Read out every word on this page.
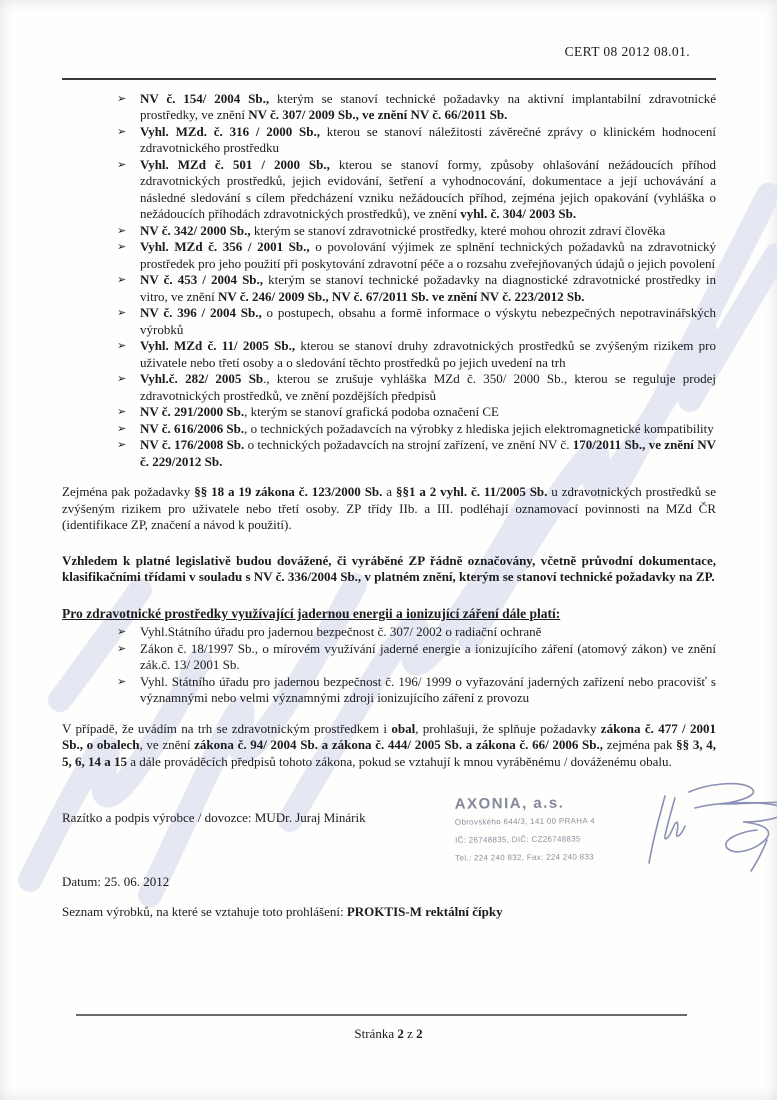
CERT 08 2012 08.01.
➢ NV č. 154/ 2004 Sb., kterým se stanoví technické požadavky na aktivní implantabilní zdravotnické prostředky, ve znění NV č. 307/ 2009 Sb., ve znění NV č. 66/2011 Sb.
➢ Vyhl. MZd. č. 316 / 2000 Sb., kterou se stanoví náležitosti závěrečné zprávy o klinickém hodnocení zdravotnického prostředku
➢ Vyhl. MZd č. 501 / 2000 Sb., kterou se stanoví formy, způsoby ohlašování nežádoucích příhod zdravotnických prostředků, jejich evidování, šetření a vyhodnocování, dokumentace a její uchovávání a následné sledování s cílem předcházení vzniku nežádoucích příhod, zejména jejich opakování (vyhláška o nežádoucích příhodách zdravotnických prostředků), ve znění vyhl. č. 304/ 2003 Sb.
➢ NV č. 342/ 2000 Sb., kterým se stanoví zdravotnické prostředky, které mohou ohrozit zdraví člověka
➢ Vyhl. MZd č. 356 / 2001 Sb., o povolování výjimek ze splnění technických požadavků na zdravotnický prostředek pro jeho použití při poskytování zdravotní péče a o rozsahu zveřejňovaných údajů o jejich povolení
➢ NV č. 453 / 2004 Sb., kterým se stanoví technické požadavky na diagnostické zdravotnické prostředky in vitro, ve znění NV č. 246/ 2009 Sb., NV č. 67/2011 Sb. ve znění NV č. 223/2012 Sb.
➢ NV č. 396 / 2004 Sb., o postupech, obsahu a formě informace o výskytu nebezpečných nepotravinářských výrobků
➢ Vyhl. MZd č. 11/ 2005 Sb., kterou se stanoví druhy zdravotnických prostředků se zvýšeným rizikem pro uživatele nebo třetí osoby a o sledování těchto prostředků po jejich uvedení na trh
➢ Vyhl.č. 282/ 2005 Sb., kterou se zrušuje vyhláška MZd č. 350/ 2000 Sb., kterou se reguluje prodej zdravotnických prostředků, ve znění pozdějších předpisů
➢ NV č. 291/2000 Sb., kterým se stanoví grafická podoba označení CE
➢ NV č. 616/2006 Sb., o technických požadavcích na výrobky z hlediska jejich elektromagnetické kompatibility
➢ NV č. 176/2008 Sb. o technických požadavcích na strojní zařízení, ve znění NV č. 170/2011 Sb., ve znění NV č. 229/2012 Sb.

Zejména pak požadavky §§ 18 a 19 zákona č. 123/2000 Sb. a §§1 a 2 vyhl. č. 11/2005 Sb. u zdravotnických prostředků se zvýšeným rizikem pro uživatele nebo třetí osoby. ZP třídy IIb. a III. podléhají oznamovací povinnosti na MZd ČR (identifikace ZP, značení a návod k použití).

Vzhledem k platné legislativě budou dovážené, či vyráběné ZP řádně označovány, včetně průvodní dokumentace, klasifikačními třídami v souladu s NV č. 336/2004 Sb., v platném znění, kterým se stanoví technické požadavky na ZP.

Pro zdravotnické prostředky využívající jadernou energii a ionizující záření dále platí:
➢ Vyhl.Státního úřadu pro jadernou bezpečnost č. 307/ 2002 o radiační ochraně
➢ Zákon č. 18/1997 Sb., o mírovém využívání jaderné energie a ionizujícího záření (atomový zákon) ve znění zák.č. 13/ 2001 Sb.
➢ Vyhl. Státního úřadu pro jadernou bezpečnost č. 196/ 1999 o vyřazování jaderných zařízení nebo pracovišť s významnými nebo velmi významnými zdroji ionizujícího záření z provozu

V případě, že uvádím na trh se zdravotnickým prostředkem i obal, prohlašuji, že splňuje požadavky zákona č. 477 / 2001 Sb., o obalech, ve znění zákona č. 94/ 2004 Sb. a zákona č. 444/ 2005 Sb. a zákona č. 66/ 2006 Sb., zejména pak §§ 3, 4, 5, 6, 14 a 15 a dále prováděcích předpisů tohoto zákona, pokud se vztahují k mnou vyráběnému / dováženému obalu.

Razítko a podpis výrobce / dovozce: MUDr. Juraj Minárik
AXONIA, a.s.
Obrovského 644/3, 141 00 PRAHA 4
IČ: 26748835, DIČ: CZ26748835
Tel.: 224 240 832, Fax: 224 240 833

Datum: 25. 06. 2012

Seznam výrobků, na které se vztahuje toto prohlášení: PROKTIS-M rektální čípky

Stránka 2 z 2
